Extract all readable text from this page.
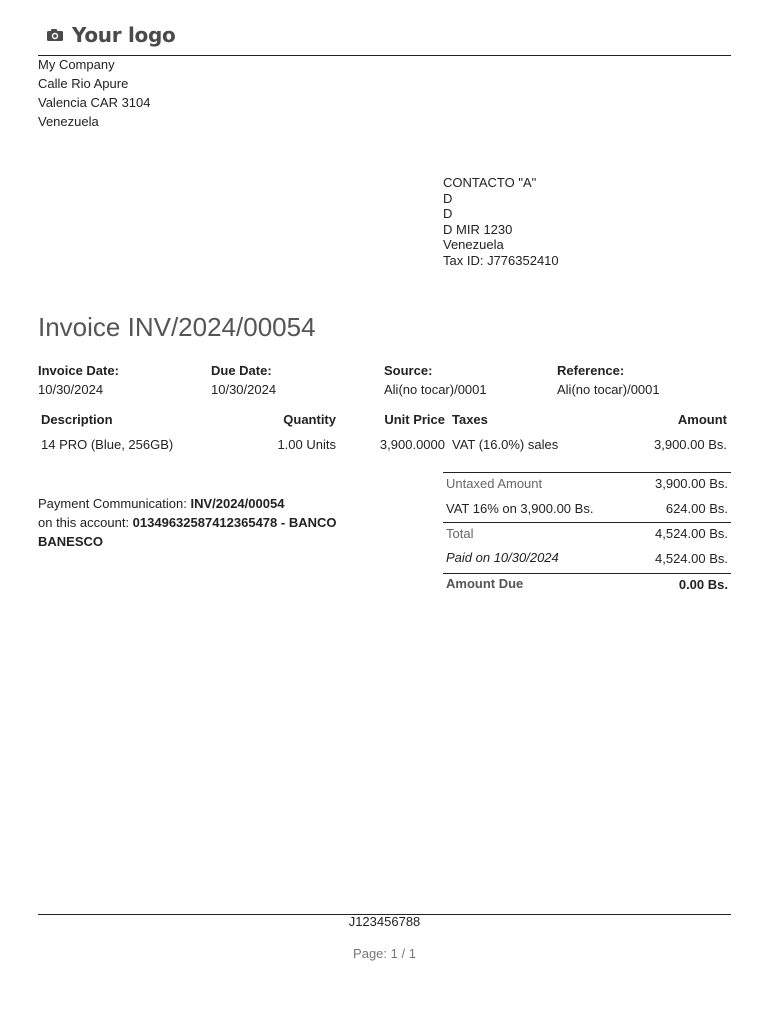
Your logo
My Company
Calle Rio Apure
Valencia CAR 3104
Venezuela
CONTACTO "A"
D
D
D MIR 1230
Venezuela
Tax ID: J776352410
Invoice INV/2024/00054
Invoice Date:
10/30/2024
Due Date:
10/30/2024
Source:
Ali(no tocar)/0001
Reference:
Ali(no tocar)/0001
Description	Quantity	Unit Price Taxes	Amount
14 PRO (Blue, 256GB)	1.00 Units	3,900.0000 VAT (16.0%) sales	3,900.00 Bs.
Untaxed Amount	3,900.00 Bs.
VAT 16% on 3,900.00 Bs.	624.00 Bs.
Total	4,524.00 Bs.
Paid on 10/30/2024	4,524.00 Bs.
Amount Due	0.00 Bs.
Payment Communication: INV/2024/00054
on this account: 01349632587412365478 - BANCO BANESCO
J123456788
Page: 1 / 1
